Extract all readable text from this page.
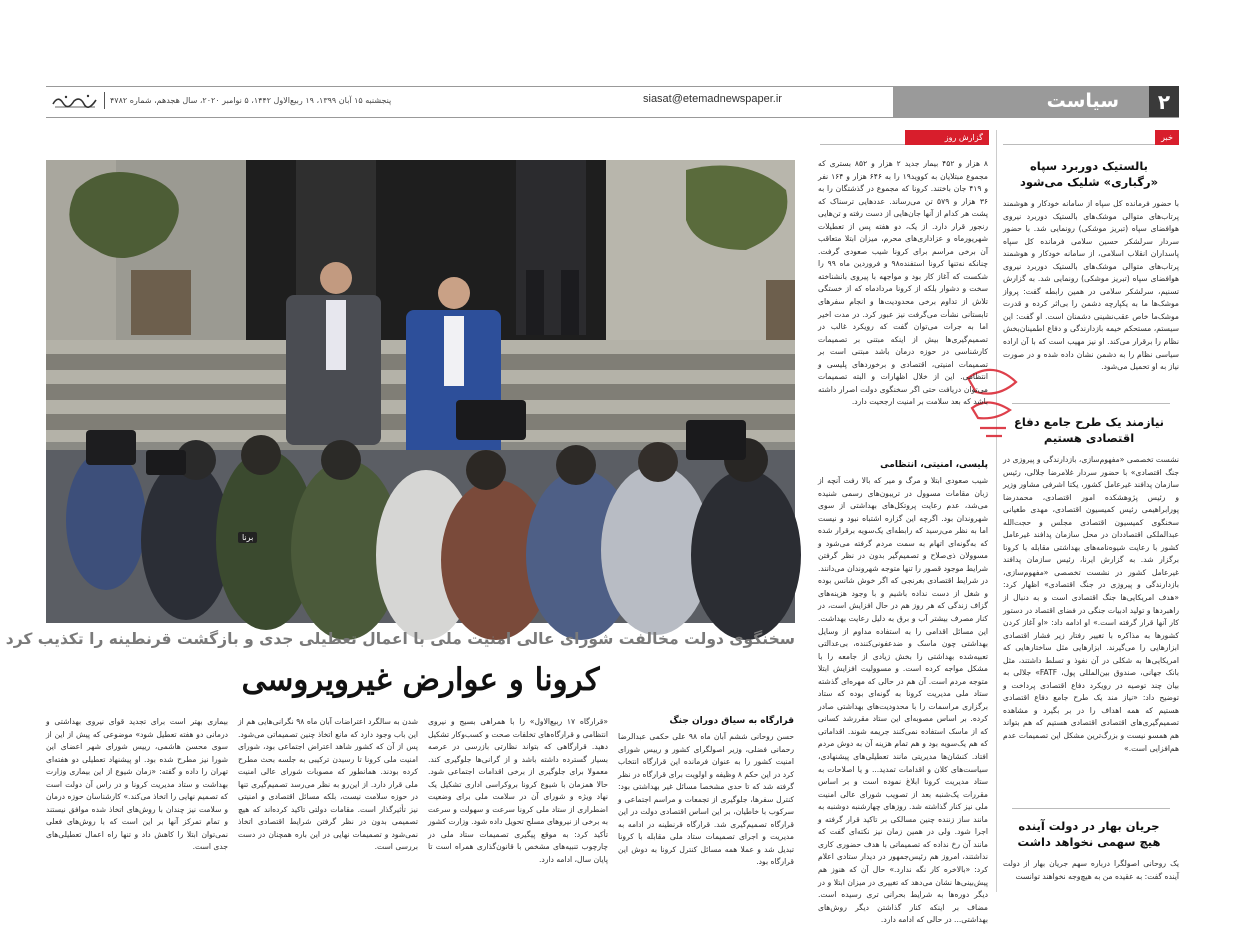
۲
سیاست
siasat@etemadnewspaper.ir
پنجشنبه ۱۵ آبان ۱۳۹۹، ۱۹ ربیع‌الاول ۱۴۴۲، ۵ نوامبر ۲۰۲۰، سال هجدهم، شماره ۴۷۸۲
خبر
گزارش روز
بالستیک دوربرد سپاه «رگباری» شلیک می‌شود
با حضور فرمانده کل سپاه از سامانه خودکار و هوشمند پرتاب‌های متوالی موشک‌های بالستیک دوربرد نیروی هوافضای سپاه (تبریز موشکی) رونمایی شد. با حضور سردار سرلشکر حسین سلامی فرمانده کل سپاه پاسداران انقلاب اسلامی، از سامانه خودکار و هوشمند پرتاب‌های متوالی موشک‌های بالستیک دوربرد نیروی هوافضای سپاه (تبریز موشکی) رونمایی شد. به گزارش تسنیم، سرلشکر سلامی در همین رابطه گفت: پرواز موشک‌ها ما به یکپارچه دشمن را بی‌اثر کرده و قدرت موشک‌ما خاص عقب‌نشینی دشمنان است. او گفت: این سیستم، مستحکم خیمه بازدارندگی و دفاع اطمینان‌بخش نظام را برقرار می‌کند. او نیز مهیب است که با آن اراده سیاسی نظام را به دشمن نشان داده شده و در صورت نیاز به او تحمیل می‌شود.
نیازمند یک طرح جامع دفاع اقتصادی هستیم
نشست تخصصی «مفهوم‌سازی، بازدارندگی و پیروزی در جنگ اقتصادی» با حضور سردار غلامرضا جلالی، رئیس سازمان پدافند غیرعامل کشور، یکتا اشرفی مشاور وزیر و رئیس پژوهشکده امور اقتصادی، محمدرضا پورابراهیمی رئیس کمیسیون اقتصادی، مهدی طغیانی سخنگوی کمیسیون اقتصادی مجلس و حجت‌الله عبدالملکی اقتصاددان در محل سازمان پدافند غیرعامل کشور با رعایت شیوه‌نامه‌های بهداشتی مقابله با کرونا برگزار شد. به گزارش ایرنا، رئیس سازمان پدافند غیرعامل کشور در نشست تخصصی «مفهوم‌سازی، بازدارندگی و پیروزی در جنگ اقتصادی» اظهار کرد: «هدف امریکایی‌ها جنگ اقتصادی است و به دنبال از راهبردها و تولید ادبیات جنگی در فضای اقتصاد در دستور کار آنها قرار گرفته است.» او ادامه داد: «او آغاز کردن کشورها به مذاکره با تغییر رفتار زیر فشار اقتصادی ابزارهایی را می‌گیرند. ابزارهایی مثل ساختارهایی که امریکایی‌ها به شکلی در آن نفوذ و تسلط داشتند، مثل بانک جهانی، صندوق بین‌المللی پول، FATF» جلالی به بیان چند توصیه در رویکرد دفاع اقتصادی پرداخت و توضیح داد: «نیاز مند یک طرح جامع دفاع اقتصادی هستیم که همه اهداف را در بر بگیرد و مشاهده تصمیم‌گیری‌های اقتصادی اقتصادی هستیم که هم بتواند هم همسو نیست و بزرگ‌ترین مشکل این تصمیمات عدم هم‌افزایی است.»
جریان بهار در دولت آینده هیچ سهمی نخواهد داشت
یک روحانی اصولگرا درباره سهم جریان بهار از دولت آینده گفت: به عقیده من به هیچ‌وجه نخواهند توانست
۸ هزار و ۴۵۲ بیمار جدید ۲ هزار و ۸۵۲ بستری که مجموع مبتلایان به کووید۱۹ را به ۶۴۶ هزار و ۱۶۴ نفر و ۴۱۹ جان باختند. کرونا که مجموع در گذشتگان را به ۳۶ هزار و ۵۷۹ تن می‌رساند. عددهایی ترسناک که پشت هر کدام از آنها جان‌هایی از دست رفته و تن‌هایی رنجور قرار دارد. از یک‌، دو هفته پس از تعطیلات شهریورماه و عزاداری‌های محرم، میزان ابتلا متعاقب آن برخی مراسم برای کرونا شیب صعودی گرفت. چنانکه نه‌تنها کرونا استفنده۹۸ و فروردین ماه ۹۹ را شکست که آغاز کار بود و مواجهه با پیروی بانشناخته سخت و دشوار بلکه از کرونا مردادماه که از خستگی تلاش از تداوم برخی محدودیت‌ها و انجام سفرهای تابستانی نشأت می‌گرفت نیز عبور کرد. در مدت اخیر اما به جرات می‌توان گفت که رویکرد غالب در تصمیم‌گیری‌ها بیش از اینکه مبتنی بر تصمیمات کارشناسی در حوزه درمان باشد مبتنی است بر تصمیمات امنیتی، اقتصادی و برخوردهای پلیسی و انتظامی. این از خلال اظهارات و البته تصمیمات می‌توان دریافت حتی اگر سخنگوی دولت اصرار داشته باشد که بعد سلامت بر امنیت ارجحیت دارد.
پلیسی، امنیتی، انتظامی
شیب صعودی ابتلا و مرگ و میر که بالا رفت آنچه از زبان مقامات مسوول در تریبون‌های رسمی شنیده می‌شد، عدم رعایت پروتکل‌های بهداشتی از سوی شهروندان بود. اگرچه این گزاره اشتباه نبود و نیست اما به نظر می‌رسید که رابطه‌ای یک‌سویه برقرار شده که به‌گونه‌ای اتهام به سمت مردم گرفته می‌شود و مسوولان ذی‌صلاح و تصمیم‌گیر بدون در نظر گرفتن شرایط موجود قصور را تنها متوجه شهروندان می‌دانند. در شرایط اقتصادی بغرنجی که اگر خوش شانس بوده و شغل از دست نداده باشیم و با وجود هزینه‌های گزاف زندگی که هر روز هم در حال افزایش است، در کنار مصرف بیشتر آب و برق به دلیل رعایت بهداشت. این مسائل اقدامی را به استفاده مداوم از وسایل بهداشتی چون ماسک و ضدعفونی‌کننده، بی‌عدالتی تعبیه‌شده بهداشتی را بخش زیادی از جامعه را با مشکل مواجه کرده است. و مسوولیت افزایش ابتلا متوجه مردم است. آن هم در حالی که مهره‌ای گذشته ستاد ملی مدیریت کرونا به گونه‌ای بوده که ستاد برگزاری مراسمات را با محدودیت‌های بهداشتی صادر کرده. بر اساس مصوبه‌ای این ستاد مقررشد کسانی که از ماسک استفاده نمی‌کنند جریمه شوند. اقداماتی که هم یک‌سویه بود و هم تمام هزینه آن به دوش مردم افتاد. کنشان‌ها مدیریتی مانند تعطیلی‌های پیشنهادی، سیاست‌های کلان و اقدامات تمدید... و یا اصلاحات به ستاد مدیریت کرونا ابلاغ نموده است و بر اساس مقررات یک‌شنبه بعد از تصویب شورای عالی امنیت ملی نیز کنار گذاشته شد. روزهای چهارشنبه دوشنبه به مانند ساز زننده چنین مسالکی بر تاکید قرار گرفته و اجرا شود. ولی در همین زمان نیز نکته‌ای گفت که مانند آن رخ نداده که تصمیماتی با هدف حضوری کاری نداشتند، امروز هم رئیس‌جمهور در دیدار ستادی اعلام کرد: «بالاخره کار نگه ندارد.» حال آن که هنوز هم پیش‌بینی‌ها نشان می‌دهد که تغییری در میزان ابتلا و در دیگر دوره‌ها به شرایط بحرانی تری رسیده است. مضاف بر اینکه کنار گذاشتن دیگر روش‌های بهداشتی... در حالی که ادامه دارد.
برنا
سخنگوی دولت مخالفت شورای عالی امنیت ملی با اعمال تعطیلی جدی و بازگشت قرنطینه را تکذیب کرد
کرونا و عوارض غیرویروسی
قرارگاه به سیاق دوران جنگ
حسن روحانی ششم آبان ماه ۹۸ علی حکمی عبدالرضا رحمانی فضلی، وزیر اصولگرای کشور و رییس شورای امنیت کشور را به عنوان فرمانده این قرارگاه انتخاب کرد در این حکم ۸ وظیفه و اولویت برای قرارگاه در نظر گرفته شد که تا حدی مشخصا مسائل غیر بهداشتی بود: کنترل سفرها، جلوگیری از تجمعات و مراسم اجتماعی و سرکوب با خاطیان، بر این اساس اقتصادی دولت در این قرارگاه تصمیم‌گیری شد. قرارگاه قرنطینه در ادامه به مدیریت و اجرای تصمیمات ستاد ملی مقابله با کرونا تبدیل شد و عملا همه مسائل کنترل کرونا به دوش این قرارگاه بود.
«قرارگاه ۱۷ ربیع‌الاول» را با همراهی بسیج و نیروی انتظامی و قرارگاه‌های تخلفات صحت و کسب‌وکار تشکیل دهید. قرارگاهی که بتواند نظارتی بازرسی در عرصه بسیار گسترده داشته باشد و از گرانی‌ها جلوگیری کند. معمولا برای جلوگیری از برخی اقدامات اجتماعی شود. حالا همزمان با شیوع کرونا بروکراسی اداری تشکیل یک نهاد ویژه و شورای آن در سلامت ملی برای وضعیت اضطراری از ستاد ملی کرونا سرعت و سهولت و سرعت به برخی از نیروهای مسلح تحویل داده شود. وزارت کشور تأکید کرد: به موقع پیگیری تصمیمات ستاد ملی در چارچوب تنبیه‌های مشخص با قانون‌گذاری همراه است تا پایان سال، ادامه دارد.
شدن به سالگرد اعتراضات آبان ماه ۹۸ نگرانی‌هایی هم از این باب وجود دارد که مانع اتخاذ چنین تصمیماتی می‌شود. پس از آن که کشور شاهد اعتراض اجتماعی بود، شورای امنیت ملی کرونا تا رسیدن ترکیبی به جلسه بحث مطرح کرده بودند. همانطور که مصوبات شورای عالی امنیت ملی قرار دارد. از این‌رو به نظر می‌رسد تصمیم‌گیری تنها در حوزه سلامت نیست، بلکه مسائل اقتصادی و امنیتی نیز تأثیرگذار است. مقامات دولتی تاکید کرده‌اند که هیچ تصمیمی بدون در نظر گرفتن شرایط اقتصادی اتخاذ نمی‌شود و تصمیمات نهایی در این باره همچنان در دست بررسی است.
بیماری بهتر است برای تجدید قوای نیروی بهداشتی و درمانی دو هفته تعطیل شود» موضوعی که پیش از این از سوی محسن هاشمی، رییس شورای شهر اعضای این شورا نیز مطرح شده بود. او پیشنهاد تعطیلی دو هفته‌ای تهران را داده و گفته: «زمان شیوع از این بیماری وزارت بهداشت و ستاد مدیریت کرونا و در راس آن دولت است که تصمیم نهایی را اتخاذ می‌کند.» کارشناسان حوزه درمان و سلامت نیز چندان با روش‌های اتخاذ شده موافق نیستند و تمام تمرکز آنها بر این است که با روش‌های فعلی نمی‌توان ابتلا را کاهش داد و تنها راه اعمال تعطیلی‌های جدی است.
